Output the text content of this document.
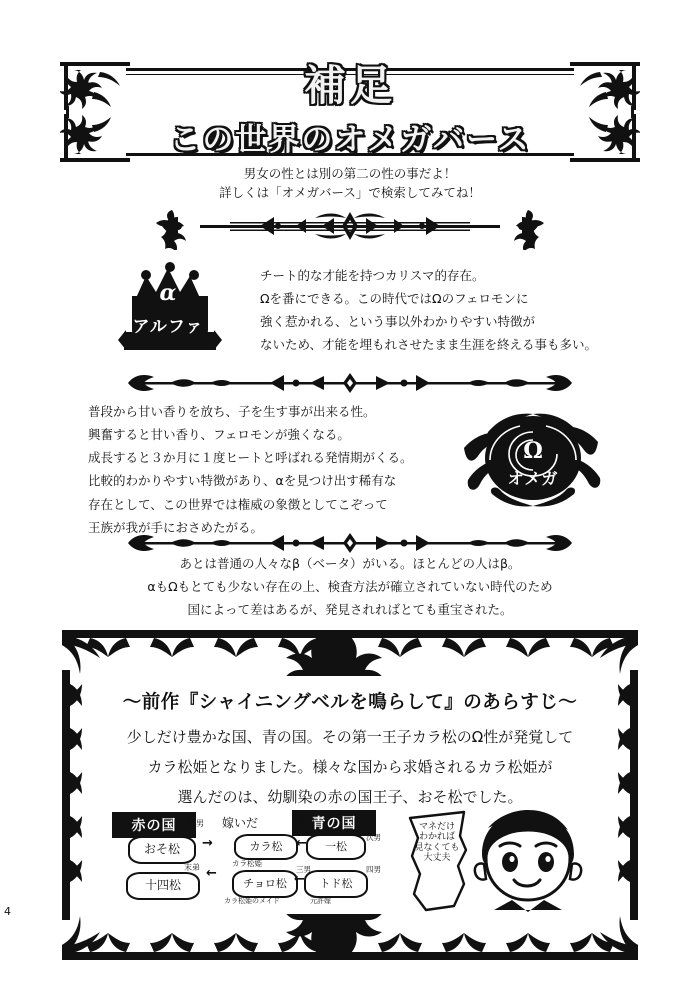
4
補足
この世界のオメガバース
男女の性とは別の第二の性の事だよ！
詳しくは「オメガバース」で検索してみてね！
α
アルファ
チート的な才能を持つカリスマ的存在。
Ωを番にできる。この時代ではΩのフェロモンに
強く惹かれる、という事以外わかりやすい特徴が
ないため、才能を埋もれさせたまま生涯を終える事も多い。
普段から甘い香りを放ち、子を生す事が出来る性。
興奮すると甘い香り、フェロモンが強くなる。
成長すると３か月に１度ヒートと呼ばれる発情期がくる。
比較的わかりやすい特徴があり、αを見つけ出す稀有な
存在として、この世界では権威の象徴としてこぞって
王族が我が手におさめたがる。
Ω
オメガ
あとは普通の人々なβ（ベータ）がいる。ほとんどの人はβ。
αもΩもとても少ない存在の上、検査方法が確立されていない時代のため
国によって差はあるが、発見されればとても重宝された。
〜前作『シャイニングベルを鳴らして』のあらすじ〜
少しだけ豊かな国、青の国。その第一王子カラ松のΩ性が発覚して
カラ松姫となりました。様々な国から求婚されるカラ松姫が
選んだのは、幼馴染の赤の国王子、おそ松でした。
赤の国	青の国
嫁いだ
長男
末弟
おそ松
十四松
カラ松
カラ松姫
一松
チョロ松
カラ松姫のメイド
トド松
元許嫁
長男
次男
三男	四男
→
←
←
←
マネだけ
わかれば
見なくても
大丈夫
